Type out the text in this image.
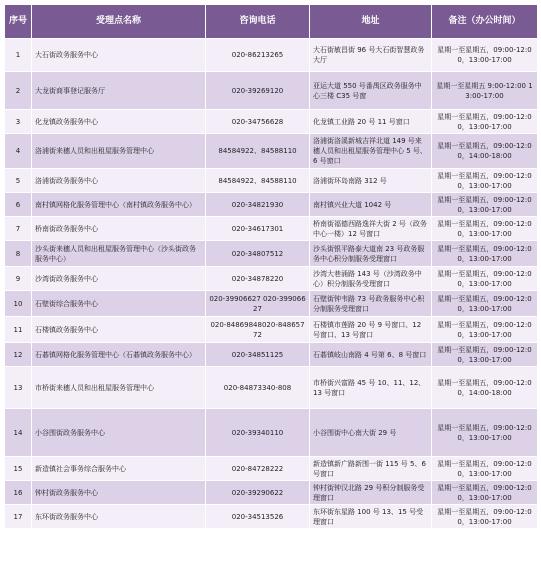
序号	受理点名称	咨询电话	地址	备注（办公时间）
1	大石街政务服务中心	020-86213265	大石街敏昌街 96 号大石街智慧政务大厅	星期一至星期五，09:00-12:00，13:00-17:00
2	大龙街商事登记服务厅	020-39269120	亚运大道 550 号番禺区政务服务中心三楼 C35 号窗	星期一至星期五 9:00-12:00 13:00-17:00
3	化龙镇政务服务中心	020-34756628	化龙镇工业路 20 号 11 号窗口	星期一至星期五，09:00-12:00，13:00-17:00
4	洛浦街来穗人员和出租屋服务管理中心	84584922、84588110	洛浦街洛溪新城吉祥北道 149 号来穗人员和出租屋服务管理中心 5 号、6 号窗口	星期一至星期五，09:00-12:00，14:00-18:00
5	洛浦街政务服务中心	84584922、84588110	洛浦街环岛南路 312 号	星期一至星期五，09:00-12:00，13:00-17:00
6	南村镇网格化服务管理中心（南村镇政务服务中心）	020-34821930	南村镇兴业大道 1042 号	星期一至星期五，09:00-12:00，13:00-17:00
7	桥南街政务服务中心	020-34617301	桥南街福德西路逸祥大街 2 号（政务中心一楼）12 号窗口	星期一至星期五，09:00-12:00，13:00-17:00
8	沙头街来穗人员和出租屋服务管理中心（沙头街政务服务中心）	020-34807512	沙头街银平路泰大道南 23 号政务服务中心积分制服务受理窗口	星期一至星期五，09:00-12:00，13:00-17:00
9	沙湾街政务服务中心	020-34878220	沙湾大巷涌路 143 号（沙湾政务中心）积分制服务受理窗口	星期一至星期五，09:00-12:00，13:00-17:00
10	石壁街综合服务中心	020-39906627 020-39906627	石壁街钟韦路 73 号政务服务中心积分制服务受理窗口	星期一至星期五，09:00-12:00，13:00-17:00
11	石楼镇政务服务中心	020-84869848020-84865772	石楼镇市莲路 20 号 9 号窗口、12 号窗口、13 号窗口	星期一至星期五，09:00-12:00，13:00-17:00
12	石碁镇网格化服务管理中心（石碁镇政务服务中心）	020-34851125	石碁镇岐山南路 4 号第 6、8 号窗口	星期一至星期五，09:00-12:00，13:00-17:00
13	市桥街来穗人员和出租屋服务管理中心	020-84873340-808	市桥街兴富路 45 号 10、11、12、13 号窗口	星期一至星期五，09:00-12:00，14:00-18:00
14	小谷围街政务服务中心	020-39340110	小谷围街中心南大街 29 号	星期一至星期五，09:00-12:00，13:00-17:00
15	新造镇社会事务综合服务中心	020-84728222	新造镇新广路新围一街 115 号 5、6 号窗口	星期一至星期五，09:00-12:00，13:00-17:00
16	钟村街政务服务中心	020-39290622	钟村街钟汉北路 29 号积分制服务受理窗口	星期一至星期五，09:00-12:00，13:00-17:00
17	东环街政务服务中心	020-34513526	东环街东星路 100 号 13、15 号受理窗口	星期一至星期五，09:00-12:00，13:00-17:00
